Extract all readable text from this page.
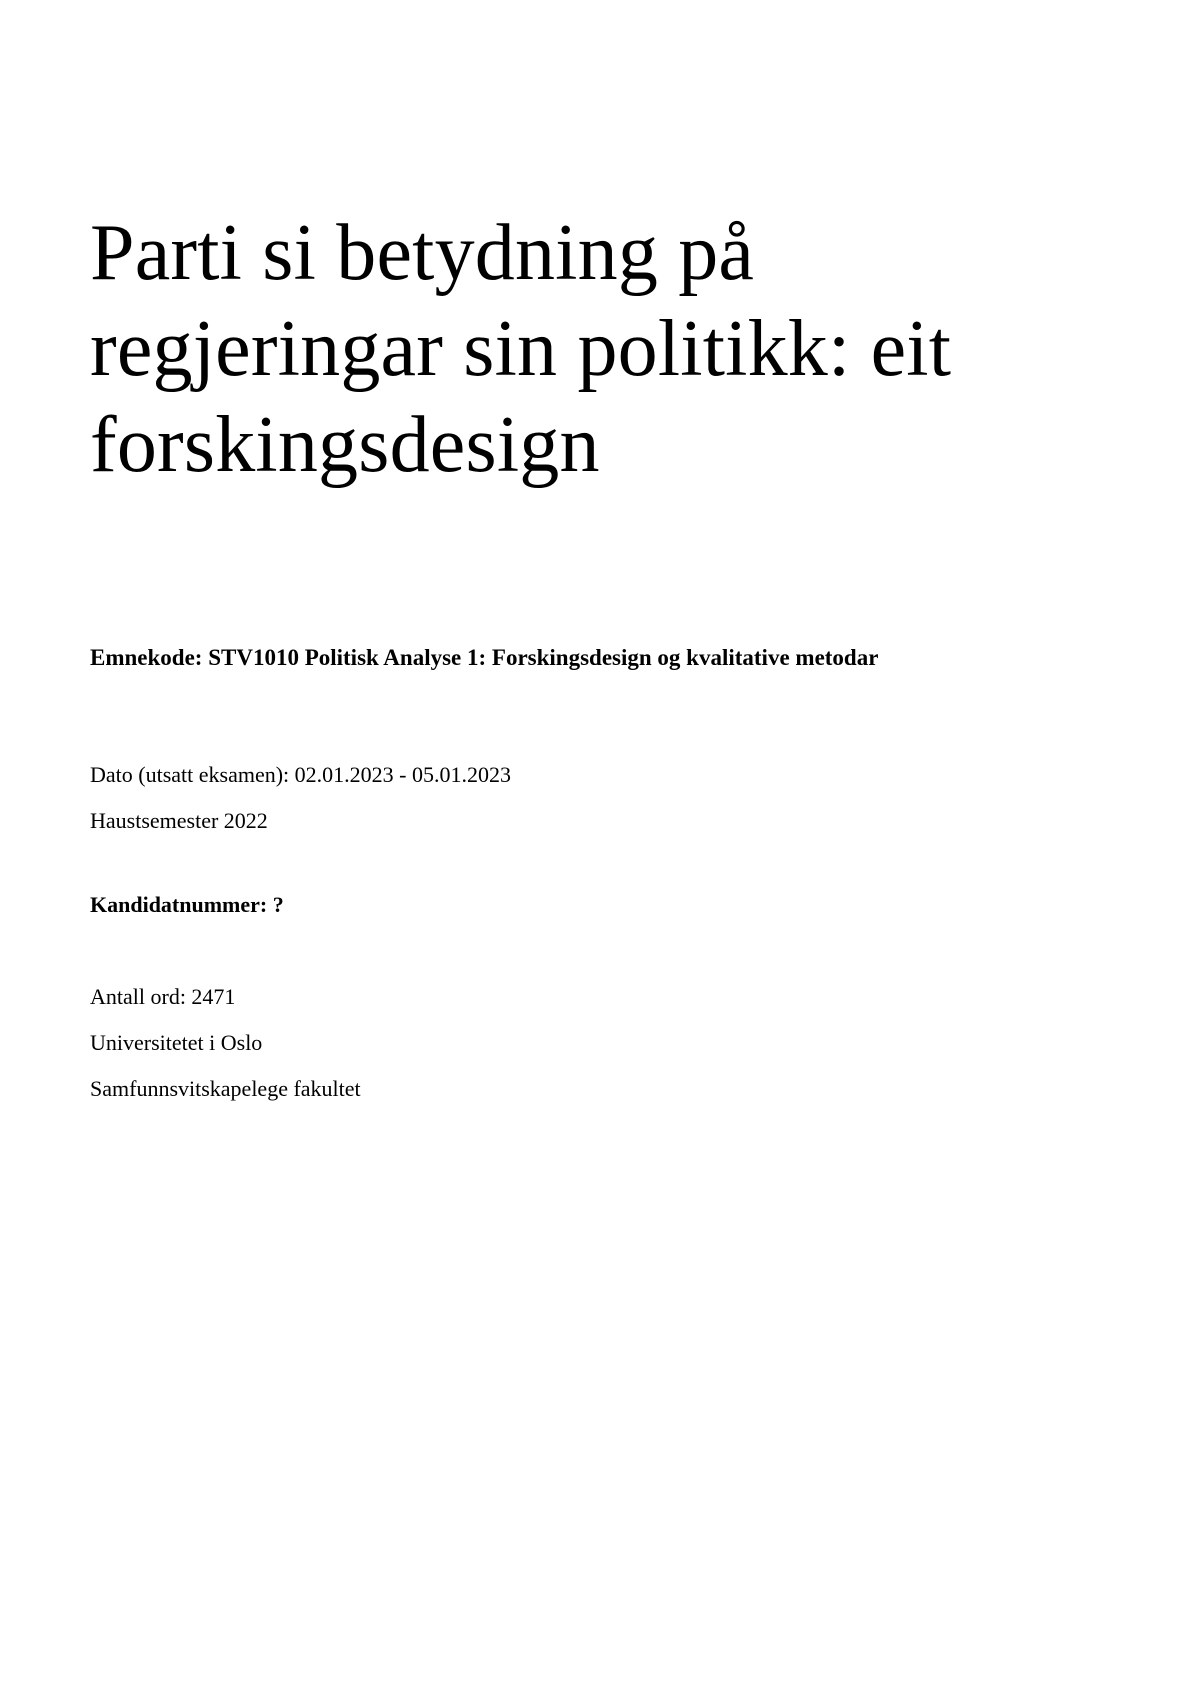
Parti si betydning på
regjeringar sin politikk: eit
forskingsdesign
Emnekode: STV1010 Politisk Analyse 1: Forskingsdesign og kvalitative metodar
Dato (utsatt eksamen): 02.01.2023 - 05.01.2023
Haustsemester 2022
Kandidatnummer: ?
Antall ord: 2471
Universitetet i Oslo
Samfunnsvitskapelege fakultet
